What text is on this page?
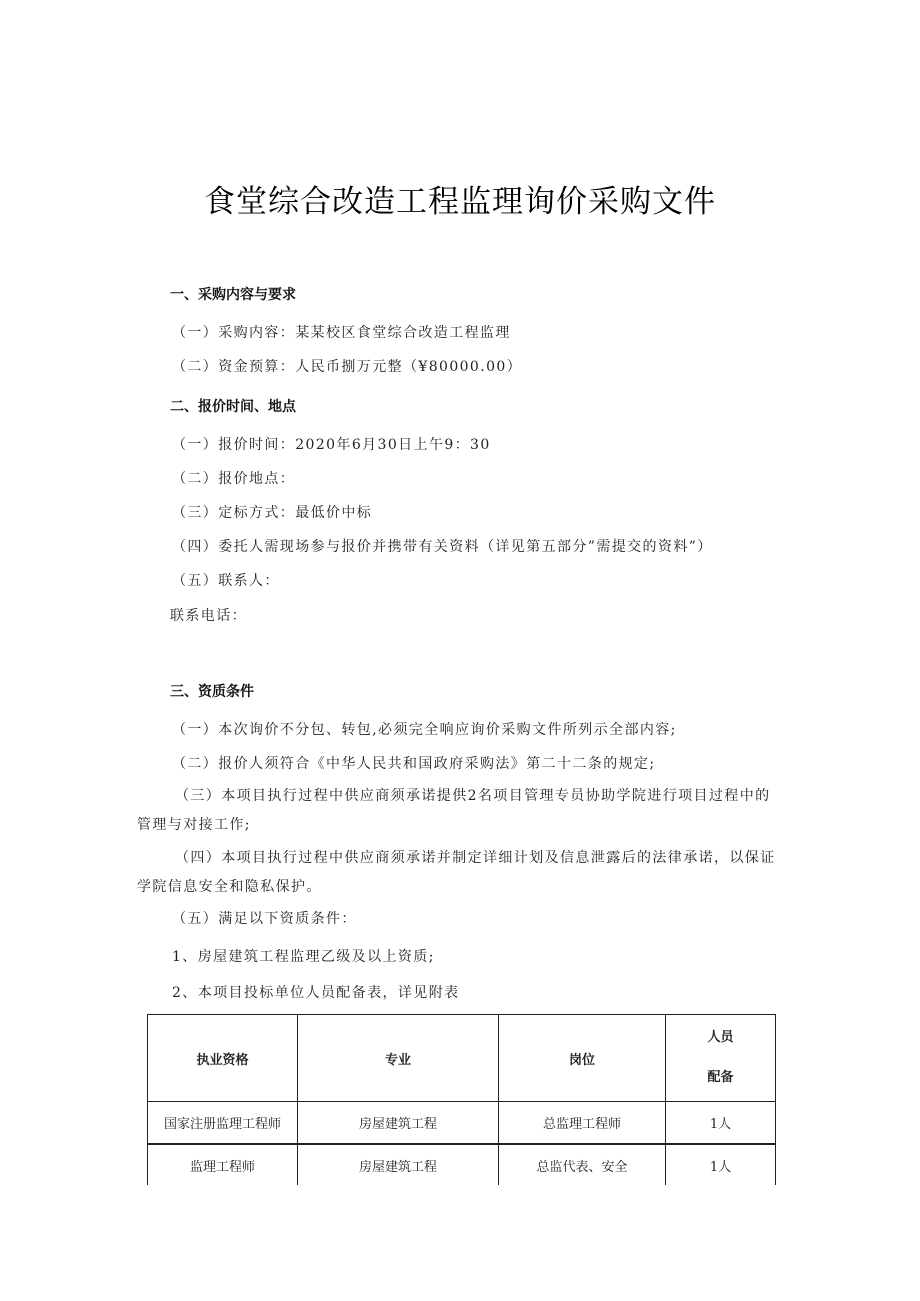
食堂综合改造工程监理询价采购文件
一、采购内容与要求
（一）采购内容：某某校区食堂综合改造工程监理
（二）资金预算：人民币捌万元整（¥80000.00）
二、报价时间、地点
（一）报价时间：2020年6月30日上午9：30
（二）报价地点：
（三）定标方式：最低价中标
（四）委托人需现场参与报价并携带有关资料（详见第五部分”需提交的资料”）
（五）联系人：
联系电话：
三、资质条件
（一）本次询价不分包、转包,必须完全响应询价采购文件所列示全部内容;
（二）报价人须符合《中华人民共和国政府采购法》第二十二条的规定;
（三）本项目执行过程中供应商须承诺提供2名项目管理专员协助学院进行项目过程中的管理与对接工作;
（四）本项目执行过程中供应商须承诺并制定详细计划及信息泄露后的法律承诺，以保证学院信息安全和隐私保护。
（五）满足以下资质条件：
1、房屋建筑工程监理乙级及以上资质;
2、本项目投标单位人员配备表，详见附表
执业资格	专业	岗位	人员
配备

国家注册监理工程师	房屋建筑工程	总监理工程师	1人
监理工程师	房屋建筑工程	总监代表、安全	1人
